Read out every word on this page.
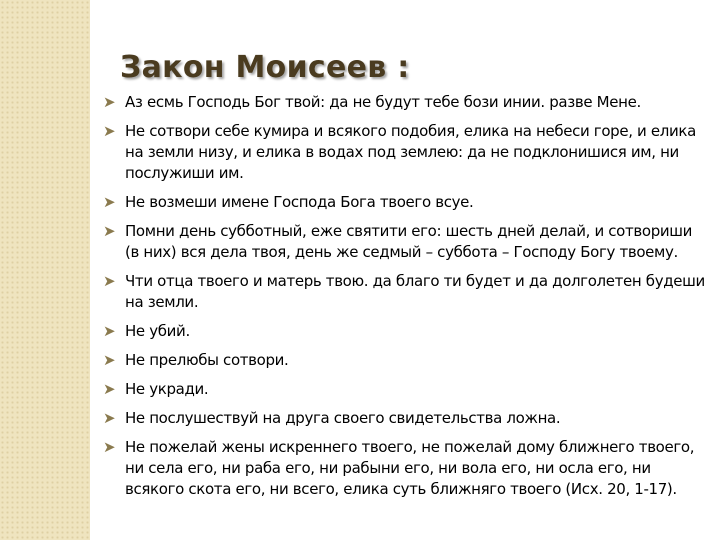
Закон Моисеев :
➤ Аз есмь Господь Бог твой: да не будут тебе бози инии. разве Мене.
➤ Не сотвори себе кумира и всякого подобия, елика на небеси горе, и елика на земли низу, и елика в водах под землею: да не подклонишися им, ни послужиши им.
➤ Не возмеши имене Господа Бога твоего всуе.
➤ Помни день субботный, еже святити его: шесть дней делай, и сотвориши (в них) вся дела твоя, день же седмый – суббота – Господу Богу твоему.
➤ Чти отца твоего и матерь твою. да благо ти будет и да долголетен будеши на земли.
➤ Не убий.
➤ Не прелюбы сотвори.
➤ Не укради.
➤ Не послушествуй на друга своего свидетельства ложна.
➤ Не пожелай жены искреннего твоего, не пожелай дому ближнего твоего, ни села его, ни раба его, ни рабыни его, ни вола его, ни осла его, ни всякого скота его, ни всего, елика суть ближняго твоего (Исх. 20, 1-17).
